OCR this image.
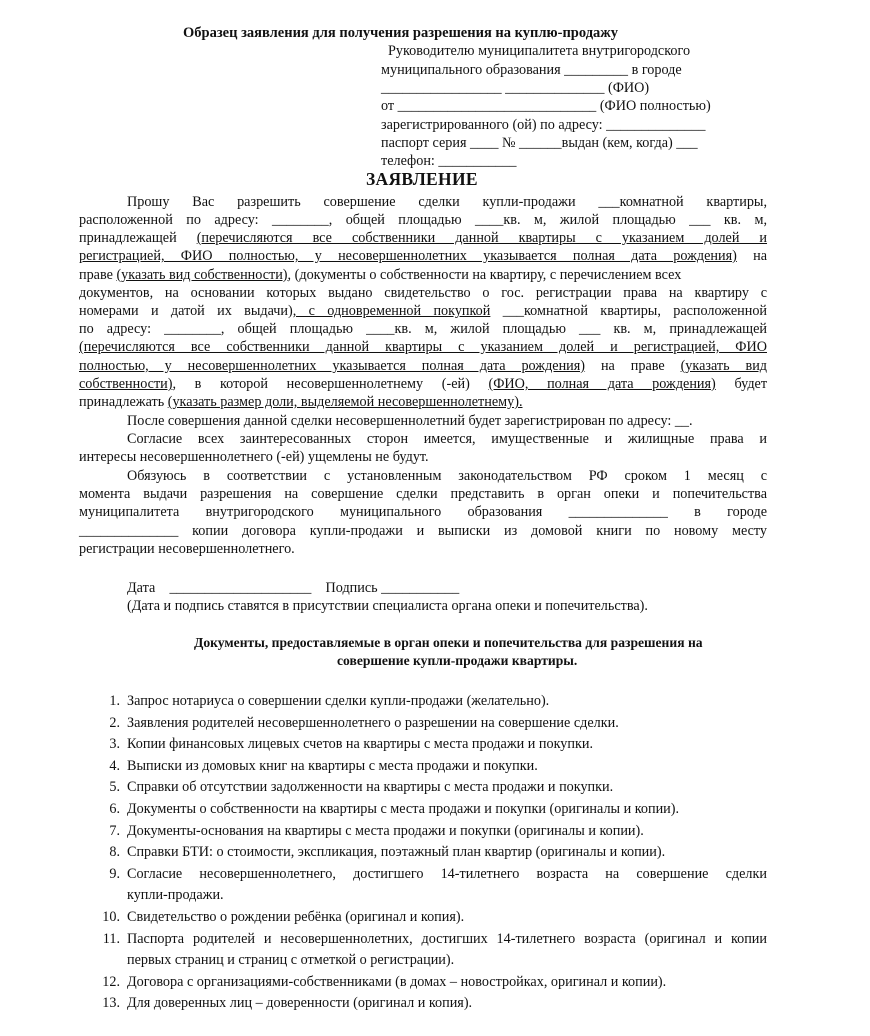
Образец заявления для получения разрешения на куплю-продажу
Руководителю муниципалитета внутригородского
муниципального образования _________ в городе
_________________ ______________ (ФИО)
от ____________________________ (ФИО полностью)
зарегистрированного (ой) по адресу: ______________
паспорт серия ____ № ______выдан (кем, когда) ___
телефон: ___________
ЗАЯВЛЕНИЕ
Прошу Вас разрешить совершение сделки купли-продажи ___комнатной квартиры,
расположенной по адресу: ________, общей площадью ____кв. м, жилой площадью ___ кв. м,
принадлежащей (перечисляются все собственники данной квартиры с указанием долей и
регистрацией, ФИО полностью, у несовершеннолетних указывается полная дата рождения) на
праве (указать вид собственности), (документы о собственности на квартиру, с перечислением всех
документов, на основании которых выдано свидетельство о гос. регистрации права на квартиру с
номерами и датой их выдачи), с одновременной покупкой ___комнатной квартиры, расположенной
по адресу: ________, общей площадью ____кв. м, жилой площадью ___ кв. м, принадлежащей
(перечисляются все собственники данной квартиры с указанием долей и регистрацией, ФИО
полностью, у несовершеннолетних указывается полная дата рождения) на праве (указать вид
собственности), в которой несовершеннолетнему (-ей) (ФИО, полная дата рождения) будет
принадлежать (указать размер доли, выделяемой несовершеннолетнему).
После совершения данной сделки несовершеннолетний будет зарегистрирован по адресу: __.
Согласие всех заинтересованных сторон имеется, имущественные и жилищные права и
интересы несовершеннолетнего (-ей) ущемлены не будут.
Обязуюсь в соответствии с установленным законодательством РФ сроком 1 месяц с
момента выдачи разрешения на совершение сделки представить в орган опеки и попечительства
муниципалитета внутригородского муниципального образования ______________ в городе
______________ копии договора купли-продажи и выписки из домовой книги по новому месту
регистрации несовершеннолетнего.
Дата    ____________________    Подпись ___________
(Дата и подпись ставятся в присутствии специалиста органа опеки и попечительства).
Документы, предоставляемые в орган опеки и попечительства для разрешения на
совершение купли-продажи квартиры.
1. Запрос нотариуса о совершении сделки купли-продажи (желательно).
2. Заявления родителей несовершеннолетнего о разрешении на совершение сделки.
3. Копии финансовых лицевых счетов на квартиры с места продажи и покупки.
4. Выписки из домовых книг на квартиры с места продажи и покупки.
5. Справки об отсутствии задолженности на квартиры с места продажи и покупки.
6. Документы о собственности на квартиры с места продажи и покупки (оригиналы и копии).
7. Документы-основания на квартиры с места продажи и покупки (оригиналы и копии).
8. Справки БТИ: о стоимости, экспликация, поэтажный план квартир (оригиналы и копии).
9. Согласие несовершеннолетнего, достигшего 14-тилетнего возраста на совершение сделки
купли-продажи.
10. Свидетельство о рождении ребёнка (оригинал и копия).
11. Паспорта родителей и несовершеннолетних, достигших 14-тилетнего возраста (оригинал и копии
первых страниц и страниц с отметкой о регистрации).
12. Договора с организациями-собственниками (в домах – новостройках, оригинал и копии).
13. Для доверенных лиц – доверенности (оригинал и копия).
